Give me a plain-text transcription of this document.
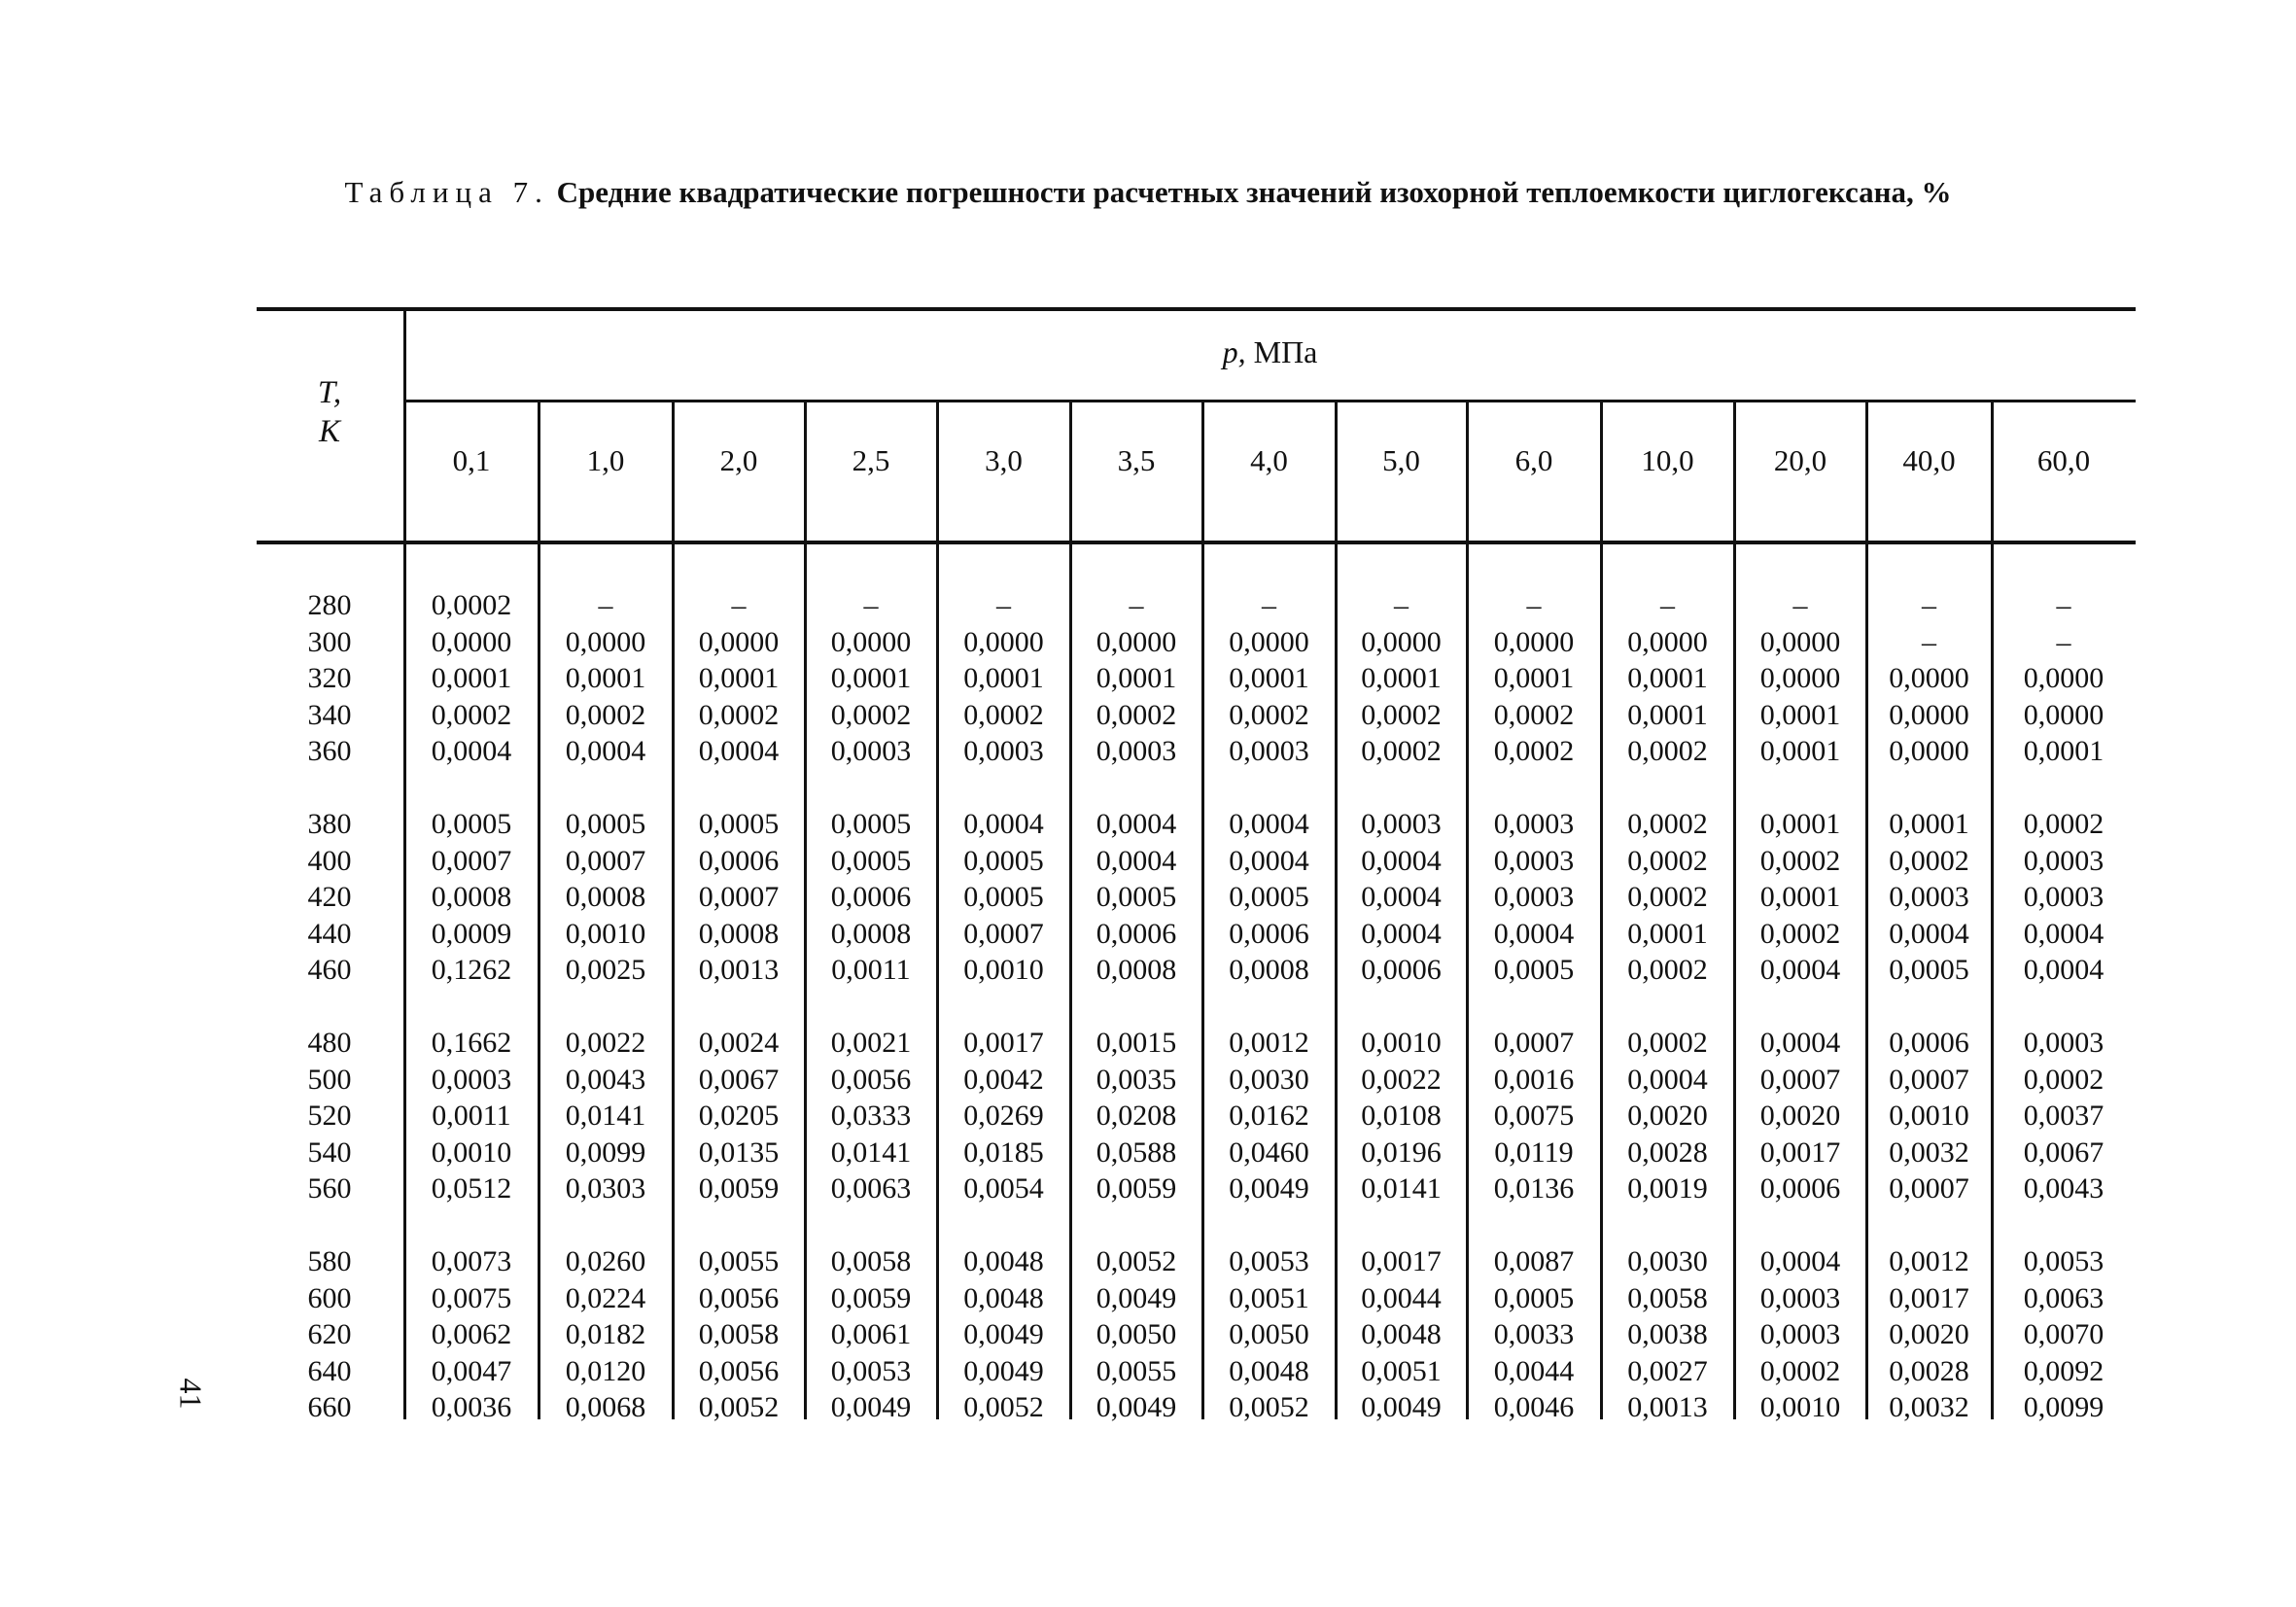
Таблица 7. Средние квадратические погрешности расчетных значений изохорной теплоемкости циглогексана, %
T,
K
p, МПа
0,1	1,0	2,0	2,5	3,0	3,5	4,0	5,0	6,0	10,0	20,0	40,0	60,0
280	0,0002	–	–	–	–	–	–	–	–	–	–	–	–
300	0,0000	0,0000	0,0000	0,0000	0,0000	0,0000	0,0000	0,0000	0,0000	0,0000	0,0000	–	–
320	0,0001	0,0001	0,0001	0,0001	0,0001	0,0001	0,0001	0,0001	0,0001	0,0001	0,0000	0,0000	0,0000
340	0,0002	0,0002	0,0002	0,0002	0,0002	0,0002	0,0002	0,0002	0,0002	0,0001	0,0001	0,0000	0,0000
360	0,0004	0,0004	0,0004	0,0003	0,0003	0,0003	0,0003	0,0002	0,0002	0,0002	0,0001	0,0000	0,0001
380	0,0005	0,0005	0,0005	0,0005	0,0004	0,0004	0,0004	0,0003	0,0003	0,0002	0,0001	0,0001	0,0002
400	0,0007	0,0007	0,0006	0,0005	0,0005	0,0004	0,0004	0,0004	0,0003	0,0002	0,0002	0,0002	0,0003
420	0,0008	0,0008	0,0007	0,0006	0,0005	0,0005	0,0005	0,0004	0,0003	0,0002	0,0001	0,0003	0,0003
440	0,0009	0,0010	0,0008	0,0008	0,0007	0,0006	0,0006	0,0004	0,0004	0,0001	0,0002	0,0004	0,0004
460	0,1262	0,0025	0,0013	0,0011	0,0010	0,0008	0,0008	0,0006	0,0005	0,0002	0,0004	0,0005	0,0004
480	0,1662	0,0022	0,0024	0,0021	0,0017	0,0015	0,0012	0,0010	0,0007	0,0002	0,0004	0,0006	0,0003
500	0,0003	0,0043	0,0067	0,0056	0,0042	0,0035	0,0030	0,0022	0,0016	0,0004	0,0007	0,0007	0,0002
520	0,0011	0,0141	0,0205	0,0333	0,0269	0,0208	0,0162	0,0108	0,0075	0,0020	0,0020	0,0010	0,0037
540	0,0010	0,0099	0,0135	0,0141	0,0185	0,0588	0,0460	0,0196	0,0119	0,0028	0,0017	0,0032	0,0067
560	0,0512	0,0303	0,0059	0,0063	0,0054	0,0059	0,0049	0,0141	0,0136	0,0019	0,0006	0,0007	0,0043
580	0,0073	0,0260	0,0055	0,0058	0,0048	0,0052	0,0053	0,0017	0,0087	0,0030	0,0004	0,0012	0,0053
600	0,0075	0,0224	0,0056	0,0059	0,0048	0,0049	0,0051	0,0044	0,0005	0,0058	0,0003	0,0017	0,0063
620	0,0062	0,0182	0,0058	0,0061	0,0049	0,0050	0,0050	0,0048	0,0033	0,0038	0,0003	0,0020	0,0070
640	0,0047	0,0120	0,0056	0,0053	0,0049	0,0055	0,0048	0,0051	0,0044	0,0027	0,0002	0,0028	0,0092
660	0,0036	0,0068	0,0052	0,0049	0,0052	0,0049	0,0052	0,0049	0,0046	0,0013	0,0010	0,0032	0,0099
41
